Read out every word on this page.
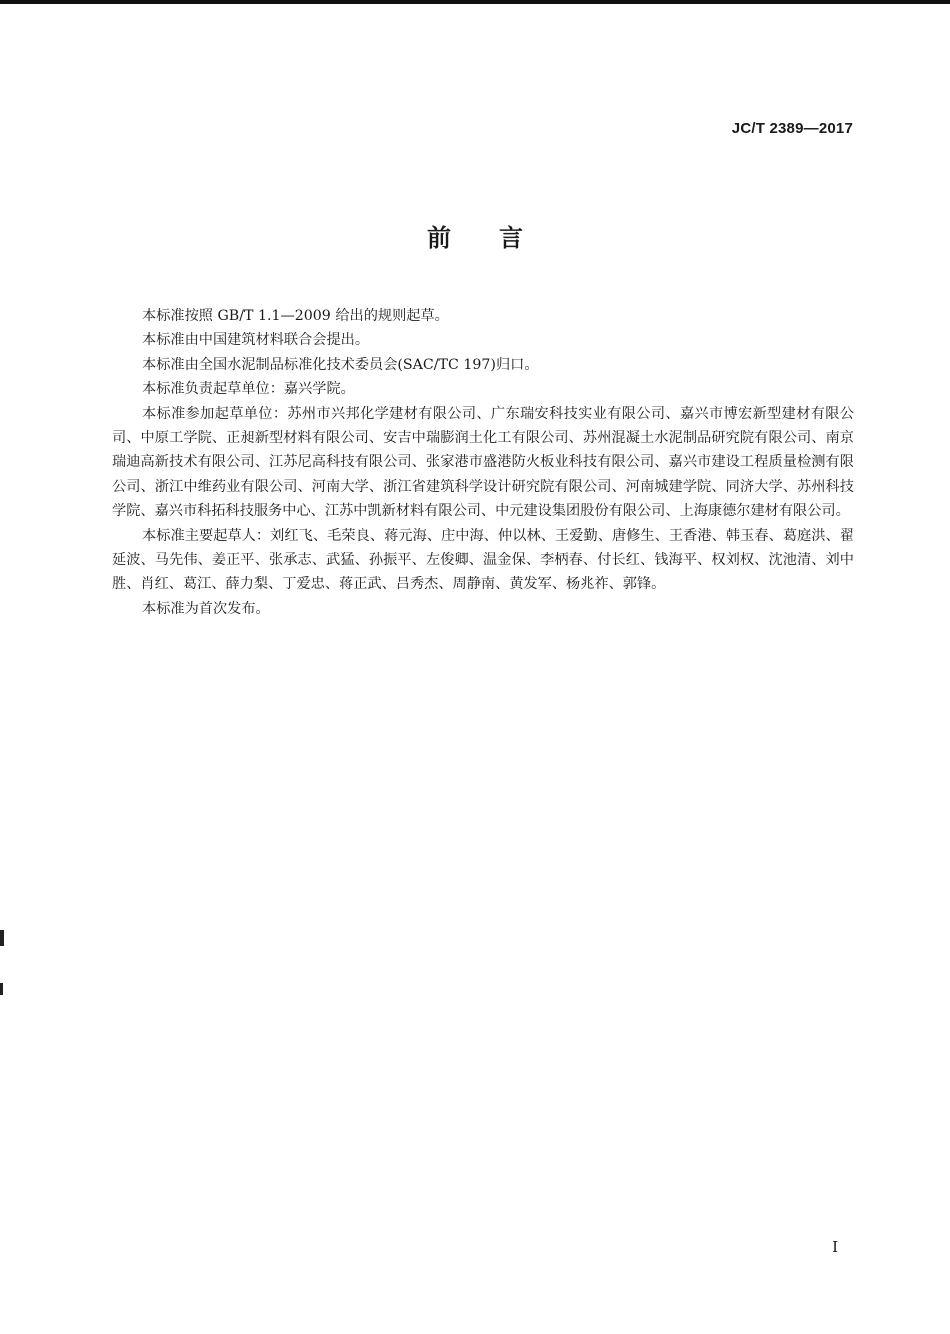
JC/T 2389—2017
前言

本标准按照 GB/T 1.1—2009 给出的规则起草。

本标准由中国建筑材料联合会提出。

本标准由全国水泥制品标准化技术委员会(SAC/TC 197)归口。

本标准负责起草单位：嘉兴学院。

本标准参加起草单位：苏州市兴邦化学建材有限公司、广东瑞安科技实业有限公司、嘉兴市博宏新型建材有限公司、中原工学院、正昶新型材料有限公司、安吉中瑞膨润土化工有限公司、苏州混凝土水泥制品研究院有限公司、南京瑞迪高新技术有限公司、江苏尼高科技有限公司、张家港市盛港防火板业科技有限公司、嘉兴市建设工程质量检测有限公司、浙江中维药业有限公司、河南大学、浙江省建筑科学设计研究院有限公司、河南城建学院、同济大学、苏州科技学院、嘉兴市科拓科技服务中心、江苏中凯新材料有限公司、中元建设集团股份有限公司、上海康德尔建材有限公司。

本标准主要起草人：刘红飞、毛荣良、蒋元海、庄中海、仲以林、王爱勤、唐修生、王香港、韩玉春、葛庭洪、翟延波、马先伟、姜正平、张承志、武猛、孙振平、左俊卿、温金保、李柄春、付长红、钱海平、权刘权、沈池清、刘中胜、肖红、葛江、薛力梨、丁爱忠、蒋正武、吕秀杰、周静南、黄发军、杨兆祚、郭锋。

本标准为首次发布。

I
